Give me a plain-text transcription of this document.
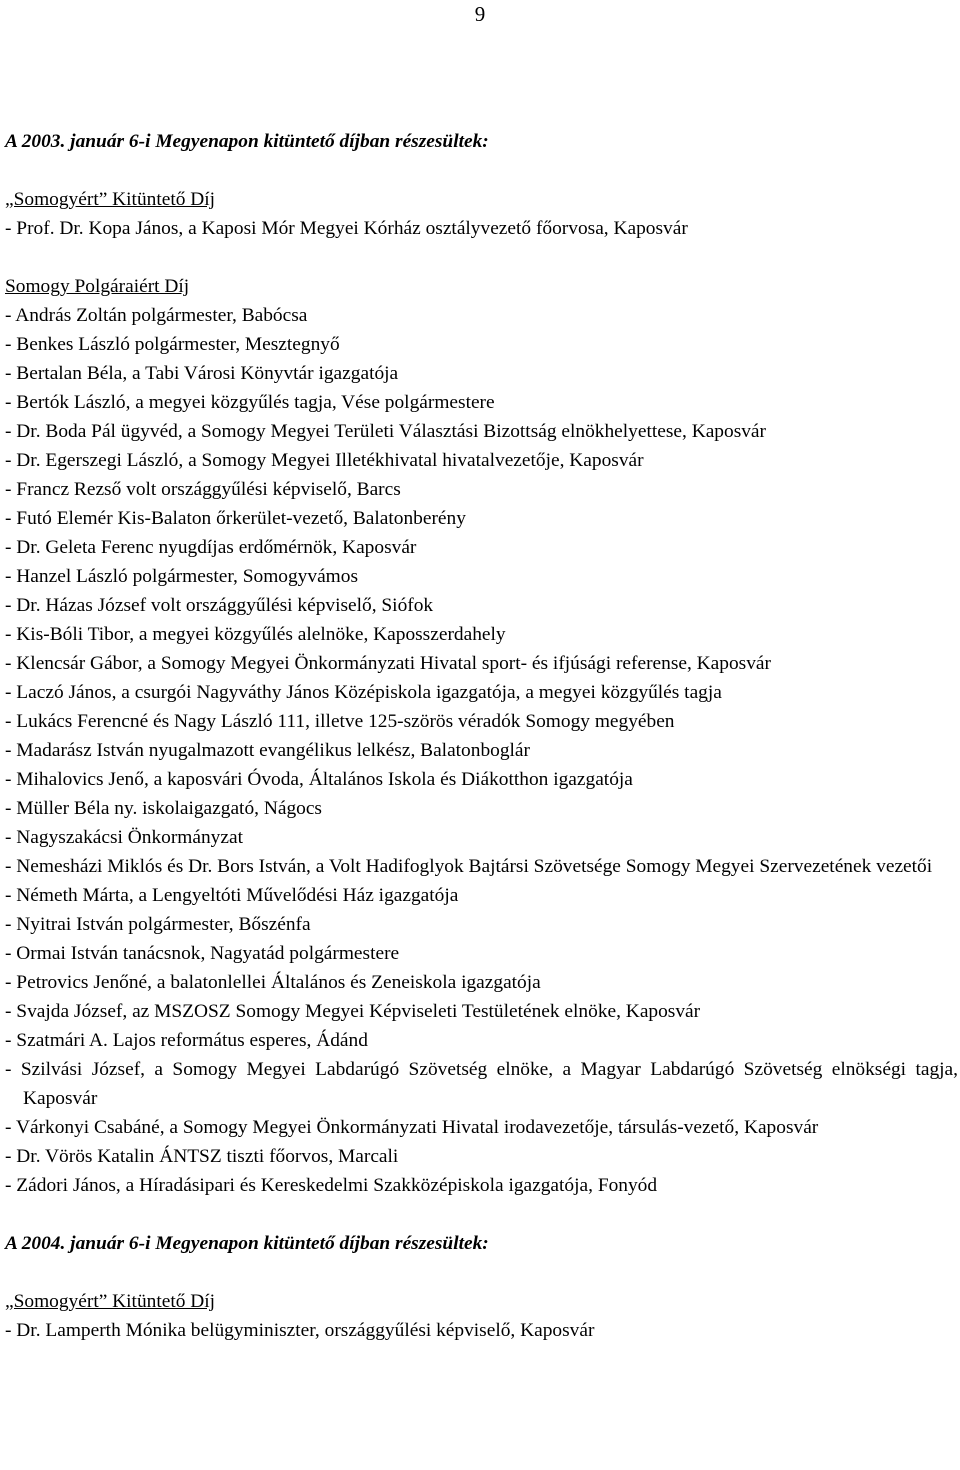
9

A 2003. január 6-i Megyenapon kitüntető díjban részesültek:

„Somogyért” Kitüntető Díj

- Prof. Dr. Kopa János, a Kaposi Mór Megyei Kórház osztályvezető főorvosa, Kaposvár

Somogy Polgáraiért Díj

- András Zoltán polgármester, Babócsa

- Benkes László polgármester, Mesztegnyő

- Bertalan Béla, a Tabi Városi Könyvtár igazgatója

- Bertók László, a megyei közgyűlés tagja, Vése polgármestere

- Dr. Boda Pál ügyvéd, a Somogy Megyei Területi Választási Bizottság elnökhelyettese, Kaposvár

- Dr. Egerszegi László, a Somogy Megyei Illetékhivatal hivatalvezetője, Kaposvár

- Francz Rezső volt országgyűlési képviselő, Barcs

- Futó Elemér Kis-Balaton őrkerület-vezető, Balatonberény

- Dr. Geleta Ferenc nyugdíjas erdőmérnök, Kaposvár

- Hanzel László polgármester, Somogyvámos

- Dr. Házas József volt országgyűlési képviselő, Siófok

- Kis-Bóli Tibor, a megyei közgyűlés alelnöke, Kaposszerdahely

- Klencsár Gábor, a Somogy Megyei Önkormányzati Hivatal sport- és ifjúsági referense, Kaposvár

- Laczó János, a csurgói Nagyváthy János Középiskola igazgatója, a megyei közgyűlés tagja

- Lukács Ferencné és Nagy László 111, illetve 125-szörös véradók Somogy megyében

- Madarász István nyugalmazott evangélikus lelkész, Balatonboglár

- Mihalovics Jenő, a kaposvári Óvoda, Általános Iskola és Diákotthon igazgatója

- Müller Béla ny. iskolaigazgató, Nágocs

- Nagyszakácsi Önkormányzat

- Nemesházi Miklós és Dr. Bors István, a Volt Hadifoglyok Bajtársi Szövetsége Somogy Megyei Szervezetének vezetői

- Németh Márta, a Lengyeltóti Művelődési Ház igazgatója

- Nyitrai István polgármester, Bőszénfa

- Ormai István tanácsnok, Nagyatád polgármestere

- Petrovics Jenőné, a balatonlellei Általános és Zeneiskola igazgatója

- Svajda József, az MSZOSZ Somogy Megyei Képviseleti Testületének elnöke, Kaposvár

- Szatmári A. Lajos református esperes, Ádánd

- Szilvási József, a Somogy Megyei Labdarúgó Szövetség elnöke, a Magyar Labdarúgó Szövetség elnökségi tagja, Kaposvár

- Várkonyi Csabáné, a Somogy Megyei Önkormányzati Hivatal irodavezetője, társulás-vezető, Kaposvár

- Dr. Vörös Katalin ÁNTSZ tiszti főorvos, Marcali

- Zádori János, a Híradásipari és Kereskedelmi Szakközépiskola igazgatója, Fonyód

A 2004. január 6-i Megyenapon kitüntető díjban részesültek:

„Somogyért” Kitüntető Díj

- Dr. Lamperth Mónika belügyminiszter, országgyűlési képviselő, Kaposvár
